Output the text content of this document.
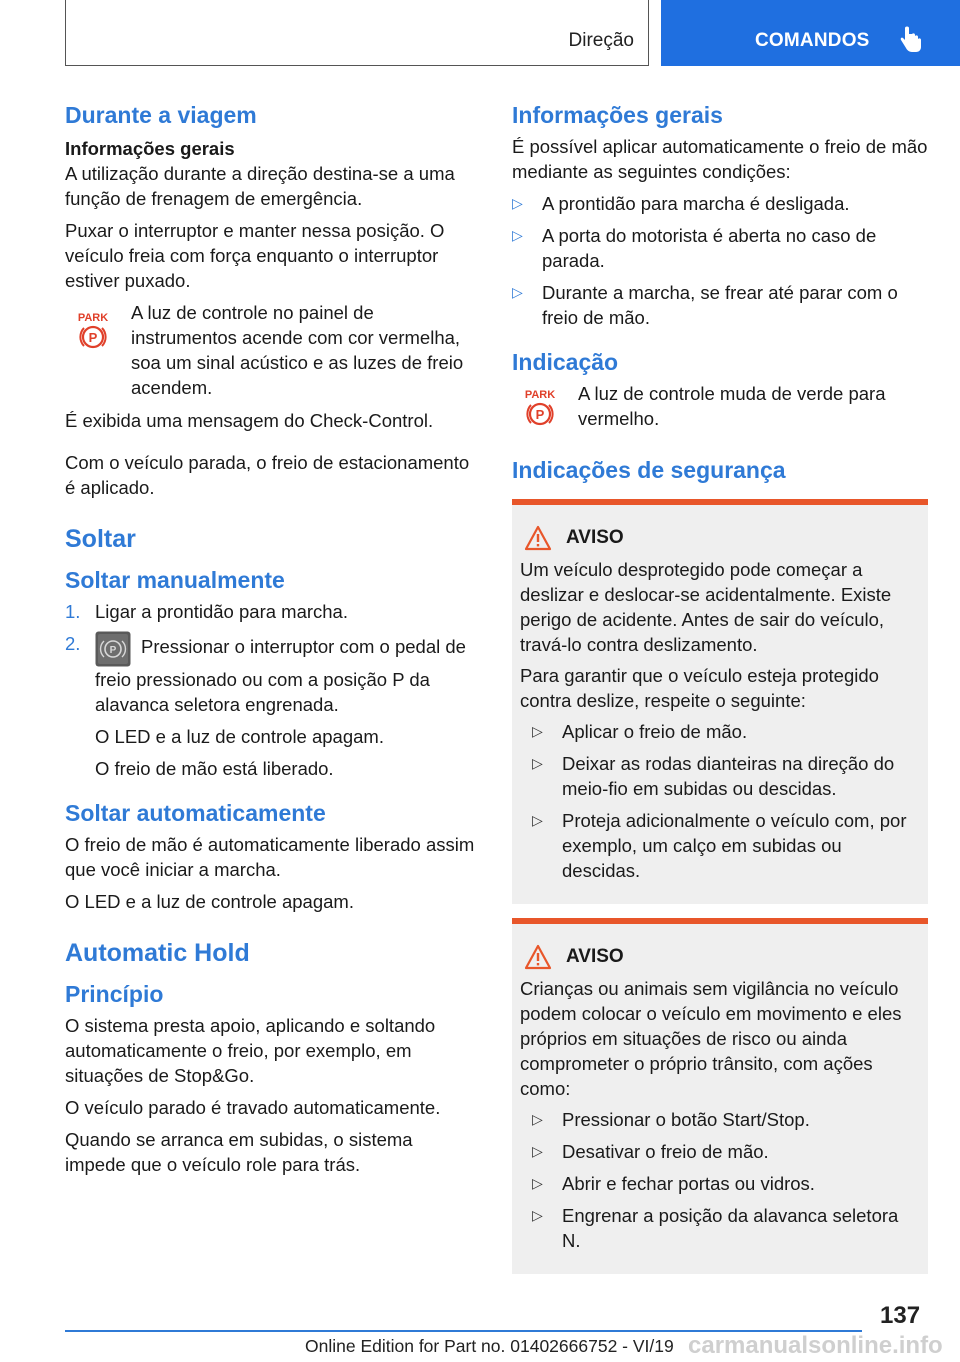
Direção	COMANDOS
Durante a viagem
Informações gerais

A utilização durante a direção destina-se a uma função de frenagem de emergência.

Puxar o interruptor e manter nessa posição. O veículo freia com força enquanto o interruptor estiver puxado.

PARK
P

A luz de controle no painel de instrumentos acende com cor vermelha, soa um sinal acústico e as luzes de freio acendem.

É exibida uma mensagem do Check-Control.

Com o veículo parada, o freio de estacionamento é aplicado.

Soltar
Soltar manualmente
1. Ligar a prontidão para marcha.
2.	P Pressionar o interruptor com o pedal de freio pressionado ou com a posição P da alavanca seletora engrenada.

O LED e a luz de controle apagam.

O freio de mão está liberado.

Soltar automaticamente

O freio de mão é automaticamente liberado assim que você iniciar a marcha.

O LED e a luz de controle apagam.

Automatic Hold
Princípio

O sistema presta apoio, aplicando e soltando automaticamente o freio, por exemplo, em situações de Stop&Go.

O veículo parado é travado automaticamente.

Quando se arranca em subidas, o sistema impede que o veículo role para trás.

Informações gerais

É possível aplicar automaticamente o freio de mão mediante as seguintes condições:

▷ A prontidão para marcha é desligada.
▷ A porta do motorista é aberta no caso de parada.
▷ Durante a marcha, se frear até parar com o freio de mão.
Indicação
PARK
P

A luz de controle muda de verde para vermelho.

Indicações de segurança
AVISO

Um veículo desprotegido pode começar a deslizar e deslocar-se acidentalmente. Existe perigo de acidente. Antes de sair do veículo, travá-lo contra deslizamento.

Para garantir que o veículo esteja protegido contra deslize, respeite o seguinte:

▷ Aplicar o freio de mão.
▷ Deixar as rodas dianteiras na direção do meio-fio em subidas ou descidas.
▷ Proteja adicionalmente o veículo com, por exemplo, um calço em subidas ou descidas.
AVISO

Crianças ou animais sem vigilância no veículo podem colocar o veículo em movimento e eles próprios em situações de risco ou ainda comprometer o próprio trânsito, com ações como:

▷ Pressionar o botão Start/Stop.
▷ Desativar o freio de mão.
▷ Abrir e fechar portas ou vidros.
▷ Engrenar a posição da alavanca seletora N.
137
Online Edition for Part no. 01402666752 - VI/19 carmanualsonline.info
